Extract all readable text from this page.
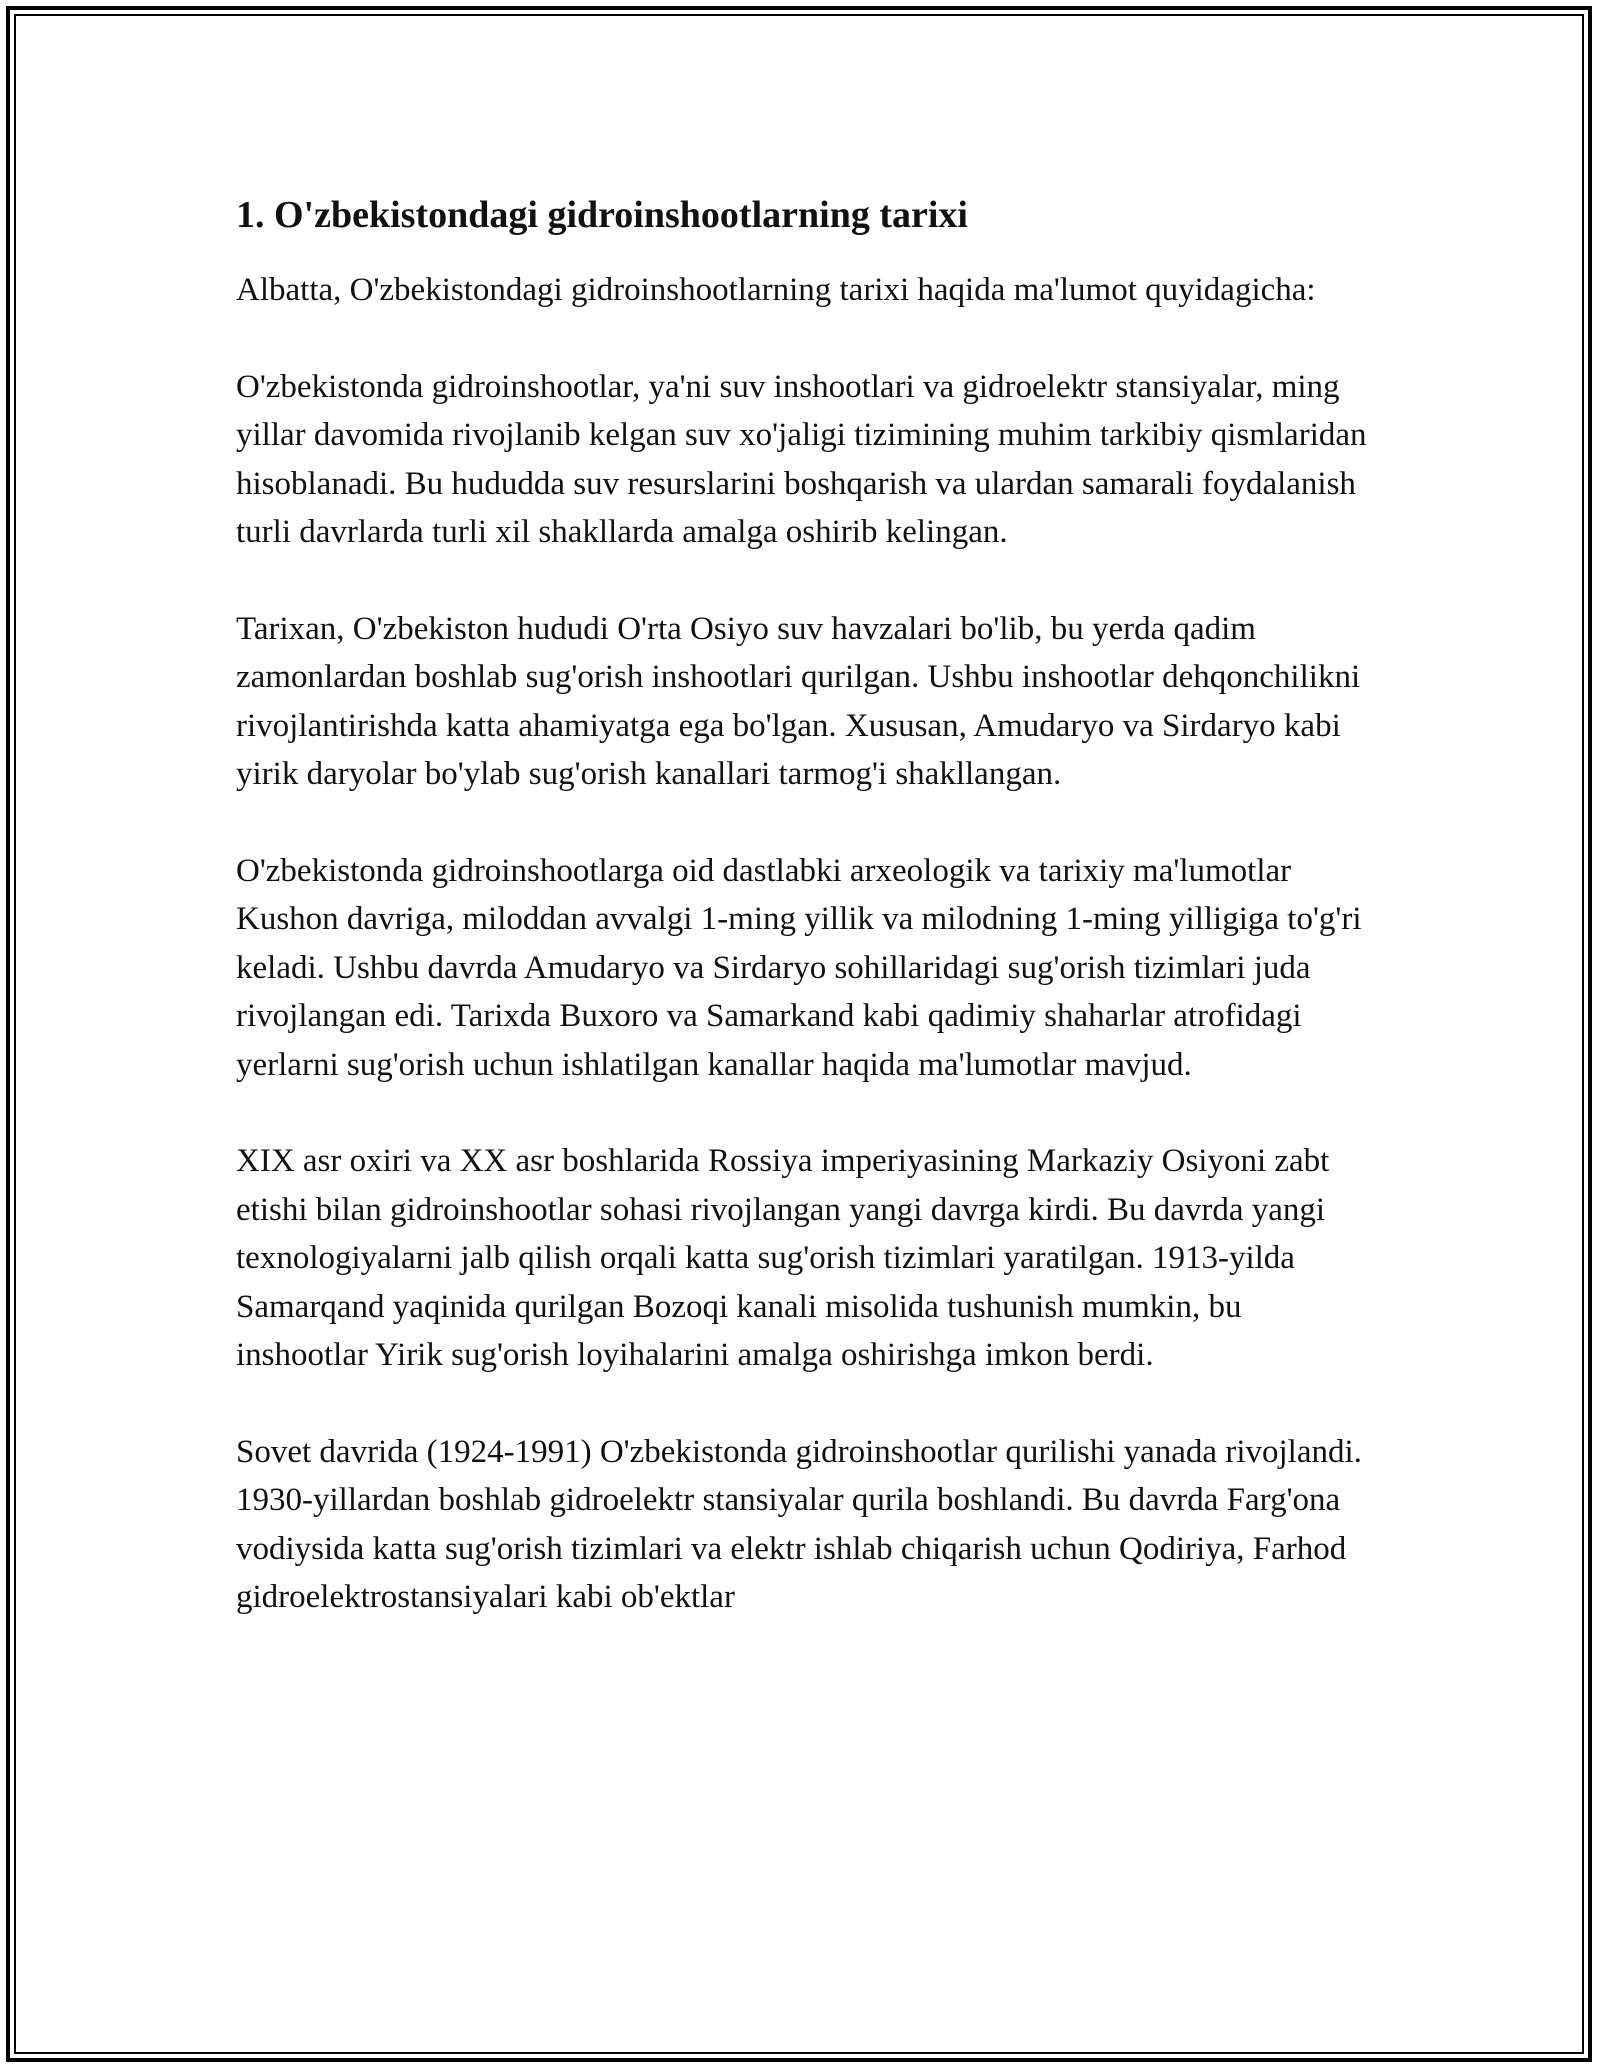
1. O'zbekistondagi gidroinshootlarning tarixi

Albatta, O'zbekistondagi gidroinshootlarning tarixi haqida ma'lumot quyidagicha:

O'zbekistonda gidroinshootlar, ya'ni suv inshootlari va gidroelektr stansiyalar, ming yillar davomida rivojlanib kelgan suv xo'jaligi tizimining muhim tarkibiy qismlaridan hisoblanadi. Bu hududda suv resurslarini boshqarish va ulardan samarali foydalanish turli davrlarda turli xil shakllarda amalga oshirib kelingan.

Tarixan, O'zbekiston hududi O'rta Osiyo suv havzalari bo'lib, bu yerda qadim zamonlardan boshlab sug'orish inshootlari qurilgan. Ushbu inshootlar dehqonchilikni rivojlantirishda katta ahamiyatga ega bo'lgan. Xususan, Amudaryo va Sirdaryo kabi yirik daryolar bo'ylab sug'orish kanallari tarmog'i shakllangan.

O'zbekistonda gidroinshootlarga oid dastlabki arxeologik va tarixiy ma'lumotlar Kushon davriga, miloddan avvalgi 1-ming yillik va milodning 1-ming yilligiga to'g'ri keladi. Ushbu davrda Amudaryo va Sirdaryo sohillaridagi sug'orish tizimlari juda rivojlangan edi. Tarixda Buxoro va Samarkand kabi qadimiy shaharlar atrofidagi yerlarni sug'orish uchun ishlatilgan kanallar haqida ma'lumotlar mavjud.

XIX asr oxiri va XX asr boshlarida Rossiya imperiyasining Markaziy Osiyoni zabt etishi bilan gidroinshootlar sohasi rivojlangan yangi davrga kirdi. Bu davrda yangi texnologiyalarni jalb qilish orqali katta sug'orish tizimlari yaratilgan. 1913-yilda Samarqand yaqinida qurilgan Bozoqi kanali misolida tushunish mumkin, bu inshootlar Yirik sug'orish loyihalarini amalga oshirishga imkon berdi.

Sovet davrida (1924-1991) O'zbekistonda gidroinshootlar qurilishi yanada rivojlandi. 1930-yillardan boshlab gidroelektr stansiyalar qurila boshlandi. Bu davrda Farg'ona vodiysida katta sug'orish tizimlari va elektr ishlab chiqarish uchun Qodiriya, Farhod gidroelektrostansiyalari kabi ob'ektlar
